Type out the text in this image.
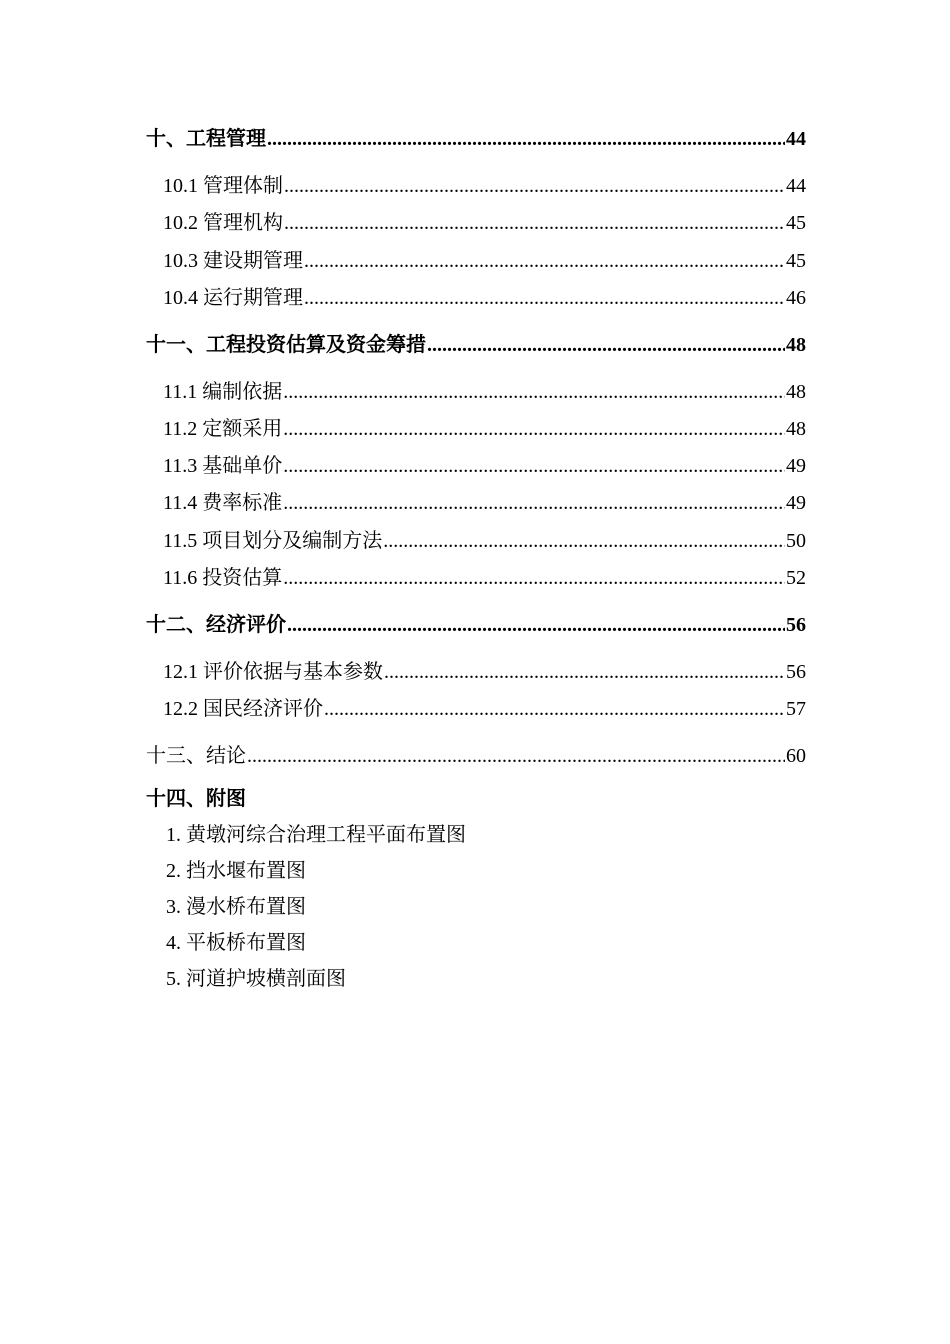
十、工程管理 .....	44
10.1 管理体制 .....	44
10.2 管理机构 .....	45
10.3 建设期管理 .....	45
10.4 运行期管理 .....	46
十一、工程投资估算及资金筹措 .....	48
11.1 编制依据 .....	48
11.2 定额采用 .....	48
11.3 基础单价 .....	49
11.4 费率标准 .....	49
11.5 项目划分及编制方法 .....	50
11.6 投资估算 .....	52
十二、经济评价 .....	56
12.1 评价依据与基本参数 .....	56
12.2 国民经济评价 .....	57
十三、结论 .....	60
十四、附图
1. 黄墩河综合治理工程平面布置图
2. 挡水堰布置图
3. 漫水桥布置图
4. 平板桥布置图
5. 河道护坡横剖面图
